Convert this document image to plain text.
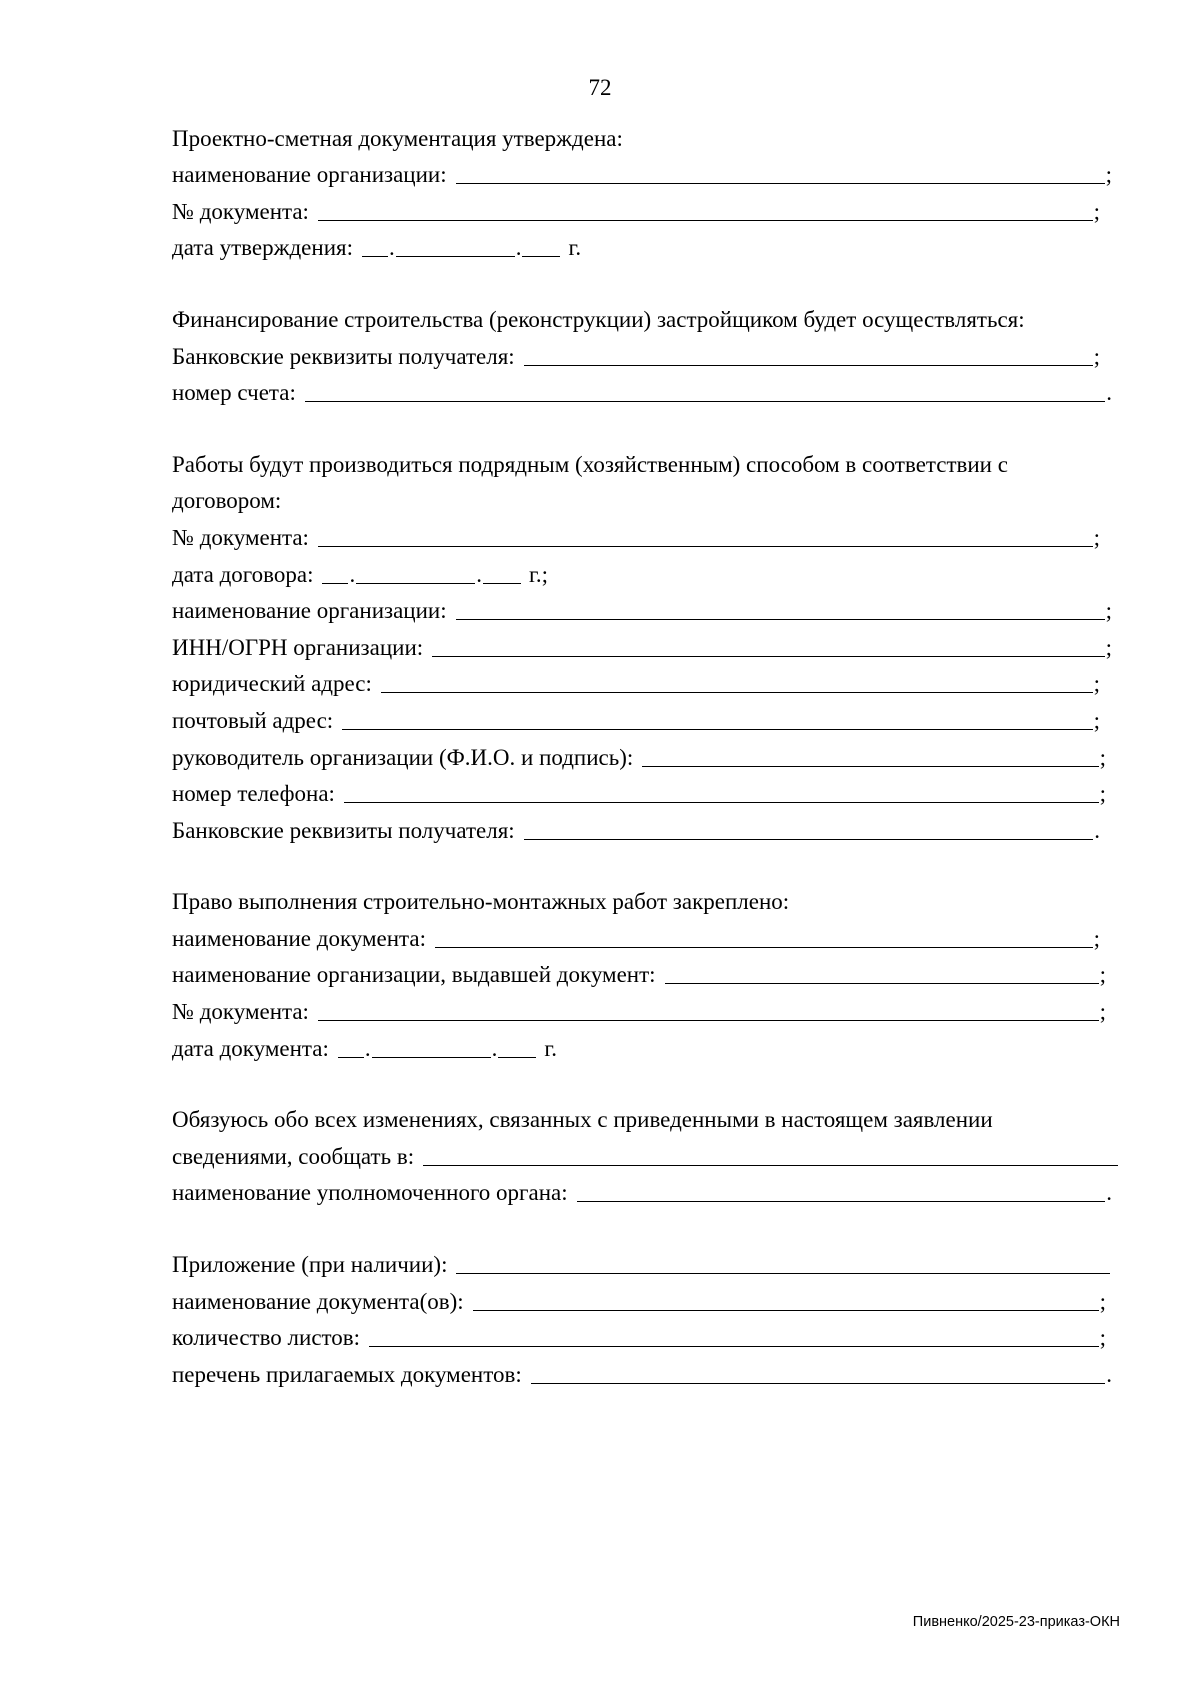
72
Проектно-сметная документация утверждена:
наименование организации:	;
№ документа:	;
дата утверждения: .	. г.
Финансирование строительства (реконструкции) застройщиком будет осуществляться:
Банковские реквизиты получателя:	;
номер счета:	.
Работы будут производиться подрядным (хозяйственным) способом в соответствии с
договором:
№ документа:	;
дата договора: .	. г.;
наименование организации:	;
ИНН/ОГРН организации:	;
юридический адрес:	;
почтовый адрес:	;
руководитель организации (Ф.И.О. и подпись):	;
номер телефона:	;
Банковские реквизиты получателя:	.
Право выполнения строительно-монтажных работ закреплено:
наименование документа:	;
наименование организации, выдавшей документ:	;
№ документа:	;
дата документа: .	. г.
Обязуюсь обо всех изменениях, связанных с приведенными в настоящем заявлении
сведениями, сообщать в:
наименование уполномоченного органа:	.
Приложение (при наличии):
наименование документа(ов):	;
количество листов:	;
перечень прилагаемых документов:	.
Пивненко/2025-23-приказ-ОКН
